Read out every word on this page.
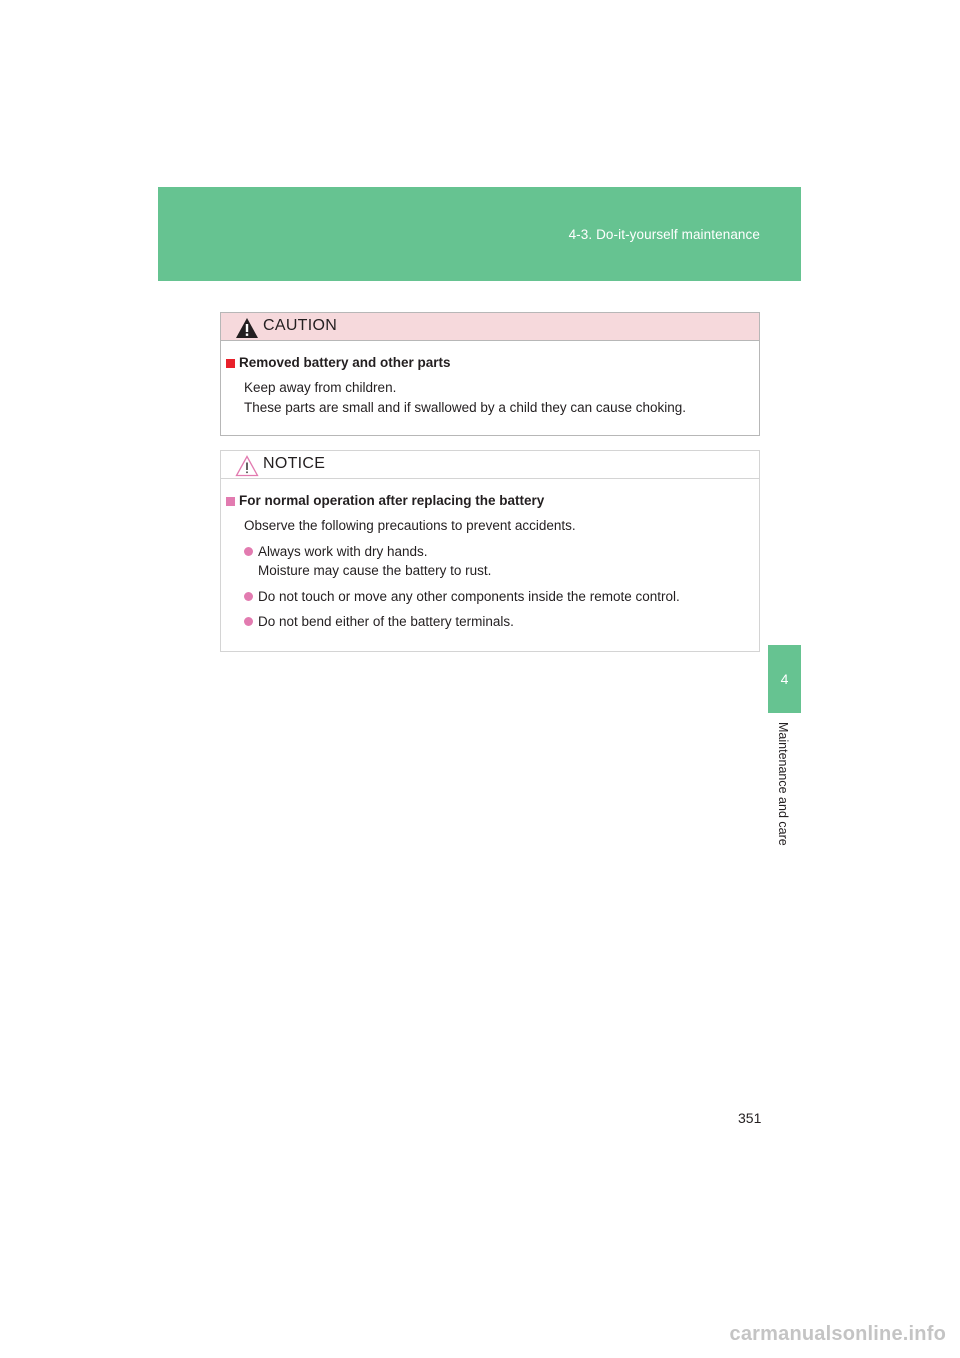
4-3. Do-it-yourself maintenance
4
Maintenance and care
CAUTION
Removed battery and other parts
Keep away from children.
These parts are small and if swallowed by a child they can cause choking.
NOTICE
For normal operation after replacing the battery
Observe the following precautions to prevent accidents.
Always work with dry hands.
Moisture may cause the battery to rust.
Do not touch or move any other components inside the remote control.
Do not bend either of the battery terminals.
351
carmanualsonline.info
